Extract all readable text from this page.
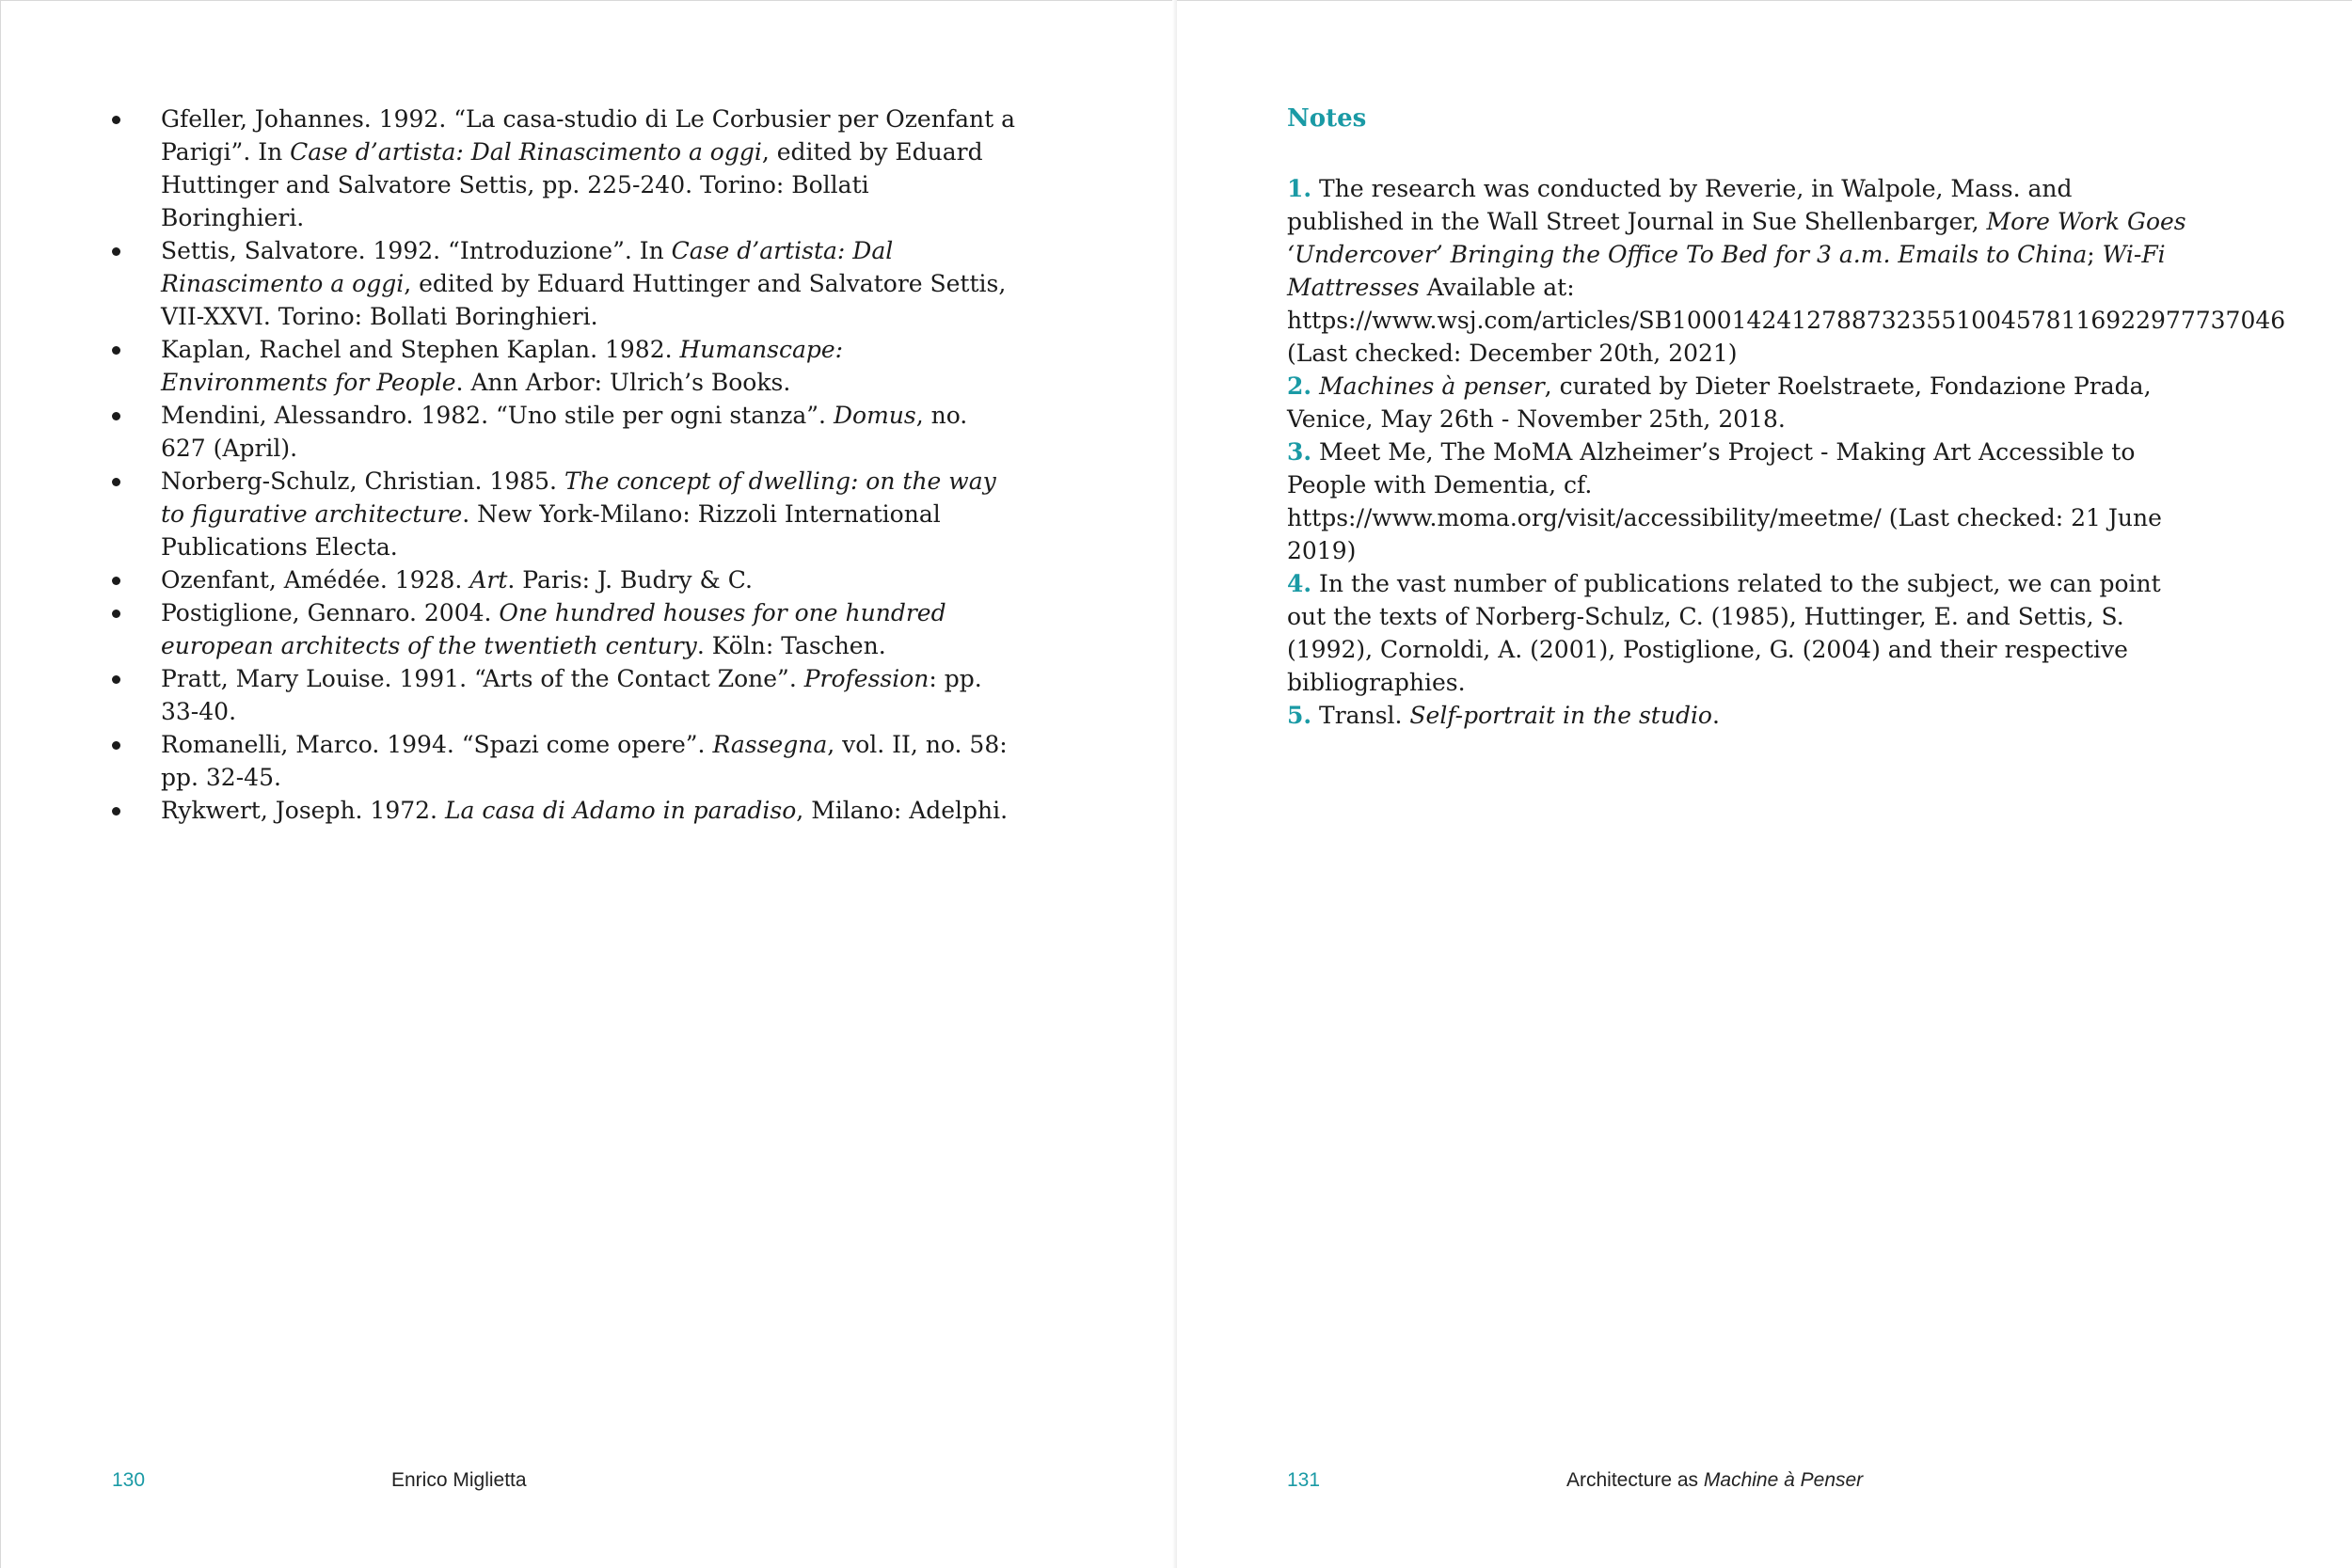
Gfeller, Johannes. 1992. “La casa-studio di Le Corbusier per Ozenfant a Parigi”. In Case d’artista: Dal Rinascimento a oggi, edited by Eduard Huttinger and Salvatore Settis, pp. 225-240. Torino: Bollati Boringhieri.
Settis, Salvatore. 1992. “Introduzione”. In Case d’artista: Dal Rinascimento a oggi, edited by Eduard Huttinger and Salvatore Settis, VII-XXVI. Torino: Bollati Boringhieri.
Kaplan, Rachel and Stephen Kaplan. 1982. Humanscape: Environments for People. Ann Arbor: Ulrich’s Books.
Mendini, Alessandro. 1982. “Uno stile per ogni stanza”. Domus, no. 627 (April).
Norberg-Schulz, Christian. 1985. The concept of dwelling: on the way to figurative architecture. New York-Milano: Rizzoli International Publications Electa.
Ozenfant, Amédée. 1928. Art. Paris: J. Budry & C.
Postiglione, Gennaro. 2004. One hundred houses for one hundred european architects of the twentieth century. Köln: Taschen.
Pratt, Mary Louise. 1991. “Arts of the Contact Zone”. Profession: pp. 33-40.
Romanelli, Marco. 1994. “Spazi come opere”. Rassegna, vol. II, no. 58: pp. 32-45.
Rykwert, Joseph. 1972. La casa di Adamo in paradiso, Milano: Adelphi.
130	Enrico Miglietta
Notes
1. The research was conducted by Reverie, in Walpole, Mass. and published in the Wall Street Journal in Sue Shellenbarger, More Work Goes ‘Undercover’ Bringing the Office To Bed for 3 a.m. Emails to China; Wi-Fi Mattresses Available at: https://www.wsj.com/articles/SB10001424127887323551004578116922977737046 (Last checked: December 20th, 2021)
2. Machines à penser, curated by Dieter Roelstraete, Fondazione Prada, Venice, May 26th - November 25th, 2018.
3. Meet Me, The MoMA Alzheimer’s Project - Making Art Accessible to People with Dementia, cf. https://www.moma.org/visit/accessibility/meetme/ (Last checked: 21 June 2019)
4. In the vast number of publications related to the subject, we can point out the texts of Norberg-Schulz, C. (1985), Huttinger, E. and Settis, S. (1992), Cornoldi, A. (2001), Postiglione, G. (2004) and their respective bibliographies.
5. Transl. Self-portrait in the studio.
131	Architecture as Machine à Penser
